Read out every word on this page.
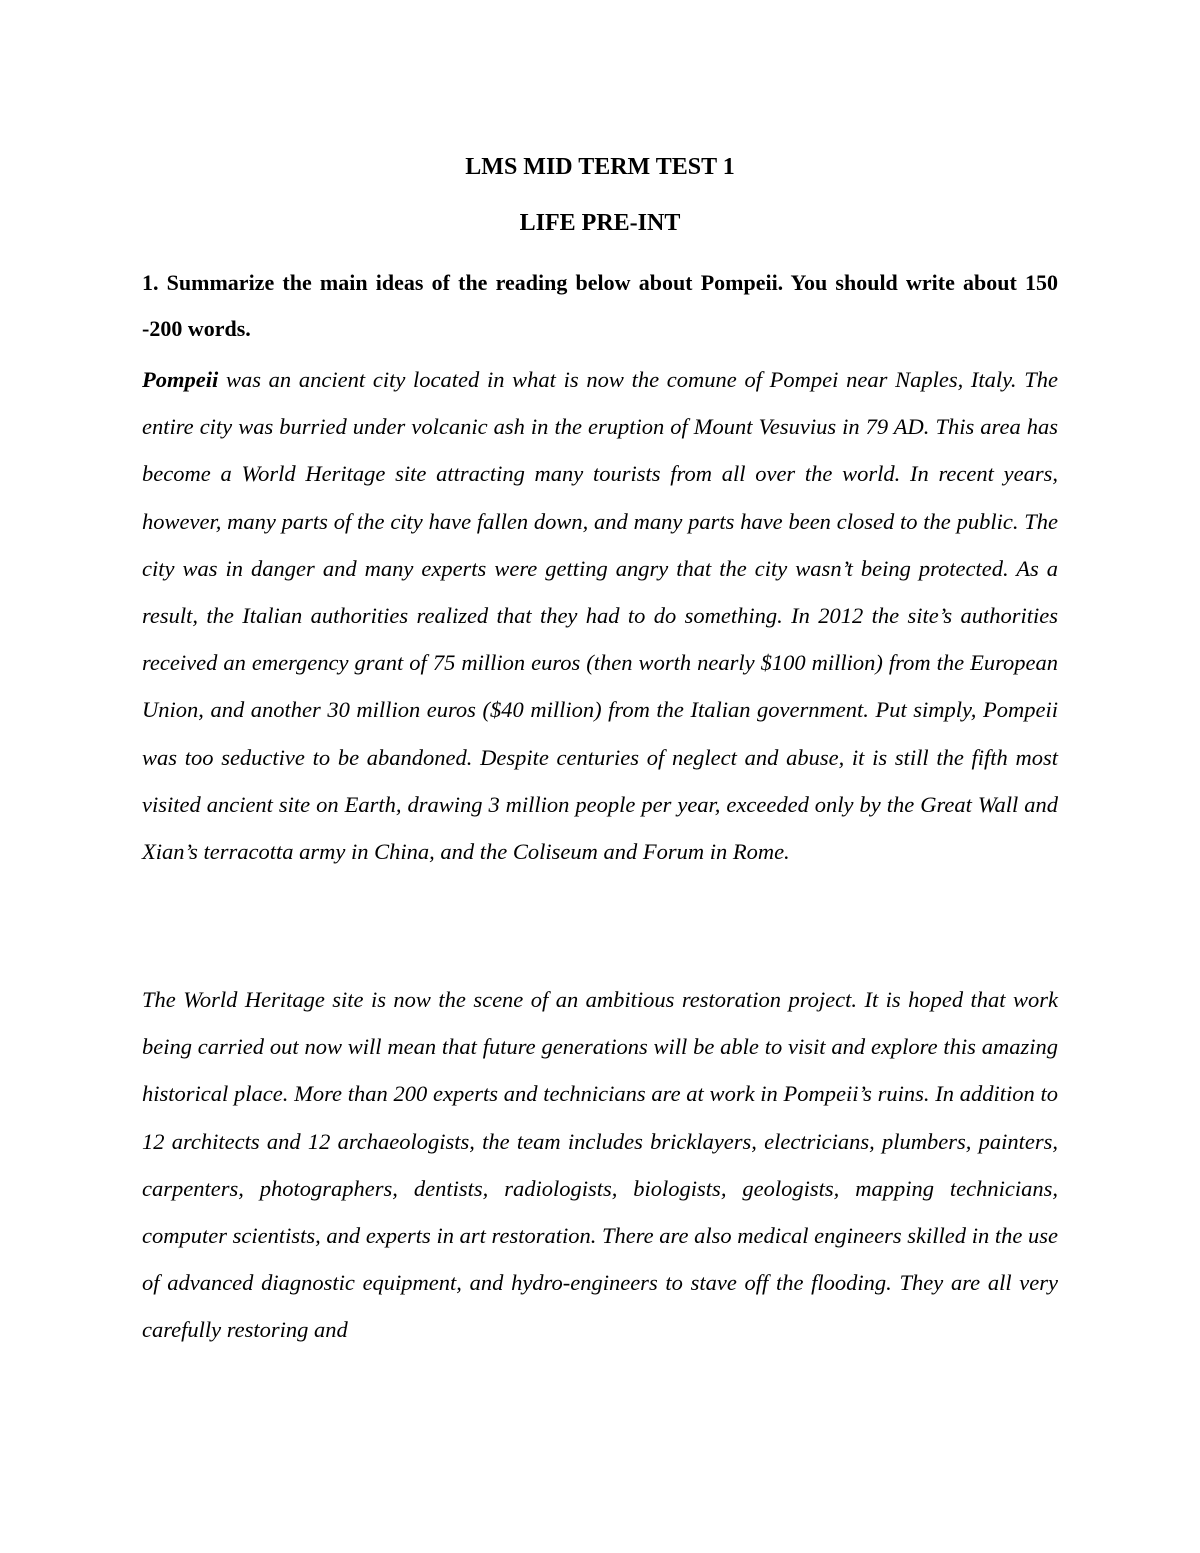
LMS MID TERM TEST 1
LIFE PRE-INT
1. Summarize the main ideas of the reading below about Pompeii. You should write about 150 -200 words.

Pompeii was an ancient city located in what is now the comune of Pompei near Naples, Italy. The entire city was burried under volcanic ash in the eruption of Mount Vesuvius in 79 AD. This area has become a World Heritage site attracting many tourists from all over the world. In recent years, however, many parts of the city have fallen down, and many parts have been closed to the public. The city was in danger and many experts were getting angry that the city wasn’t being protected. As a result, the Italian authorities realized that they had to do something. In 2012 the site’s authorities received an emergency grant of 75 million euros (then worth nearly $100 million) from the European Union, and another 30 million euros ($40 million) from the Italian government. Put simply, Pompeii was too seductive to be abandoned. Despite centuries of neglect and abuse, it is still the fifth most visited ancient site on Earth, drawing 3 million people per year, exceeded only by the Great Wall and Xian’s terracotta army in China, and the Coliseum and Forum in Rome.

The World Heritage site is now the scene of an ambitious restoration project. It is hoped that work being carried out now will mean that future generations will be able to visit and explore this amazing historical place. More than 200 experts and technicians are at work in Pompeii’s ruins. In addition to 12 architects and 12 archaeologists, the team includes bricklayers, electricians, plumbers, painters, carpenters, photographers, dentists, radiologists, biologists, geologists, mapping technicians, computer scientists, and experts in art restoration. There are also medical engineers skilled in the use of advanced diagnostic equipment, and hydro-engineers to stave off the flooding. They are all very carefully restoring and
